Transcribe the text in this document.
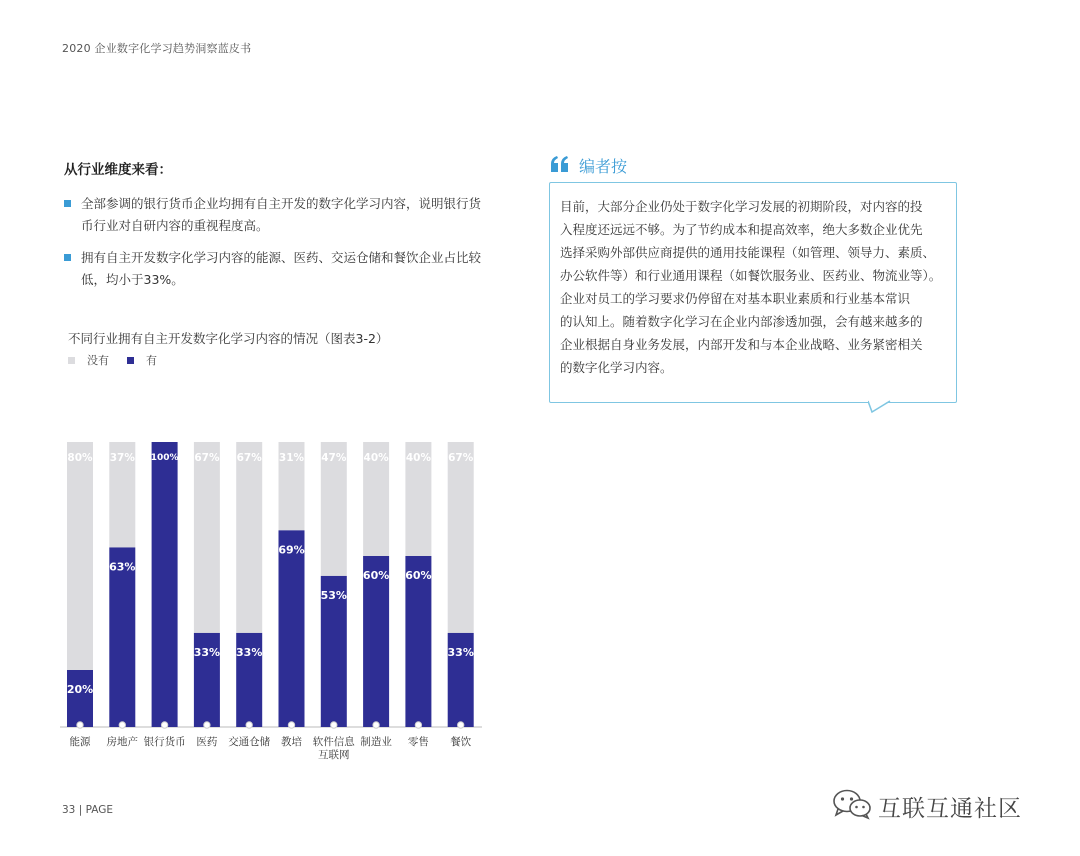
2020 企业数字化学习趋势洞察蓝皮书
从行业维度来看：
全部参调的银行货币企业均拥有自主开发的数字化学习内容，说明银行货币行业对自研内容的重视程度高。
拥有自主开发数字化学习内容的能源、医药、交运仓储和餐饮企业占比较低，均小于33%。
不同行业拥有自主开发数字化学习内容的情况（图表3-2）
没有	有
80%
20%
能源
37%
63%
房地产
100%
银行货币
67%
33%
医药
67%
33%
交通仓储
31%
69%
教培
47%
53%
软件信息
互联网
40%
60%
制造业
40%
60%
零售
67%
33%
餐饮
编者按
目前，大部分企业仍处于数字化学习发展的初期阶段，对内容的投
入程度还远远不够。为了节约成本和提高效率，绝大多数企业优先
选择采购外部供应商提供的通用技能课程（如管理、领导力、素质、
办公软件等）和行业通用课程（如餐饮服务业、医药业、物流业等）。
企业对员工的学习要求仍停留在对基本职业素质和行业基本常识
的认知上。随着数字化学习在企业内部渗透加强，会有越来越多的
企业根据自身业务发展，内部开发和与本企业战略、业务紧密相关
的数字化学习内容。
33 | PAGE	互联互通社区
